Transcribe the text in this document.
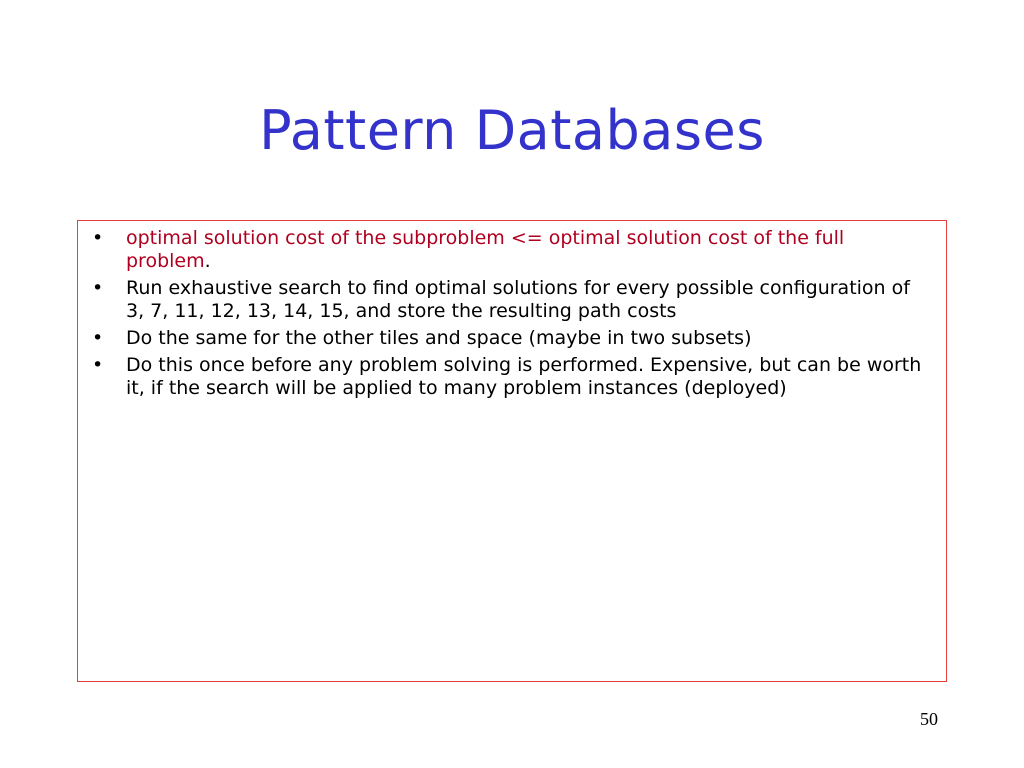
Pattern Databases
• optimal solution cost of the subproblem <= optimal solution cost of the full problem.
• Run exhaustive search to find optimal solutions for every possible configuration of 3, 7, 11, 12, 13, 14, 15, and store the resulting path costs
• Do the same for the other tiles and space (maybe in two subsets)
• Do this once before any problem solving is performed. Expensive, but can be worth it, if the search will be applied to many problem instances (deployed)
50
